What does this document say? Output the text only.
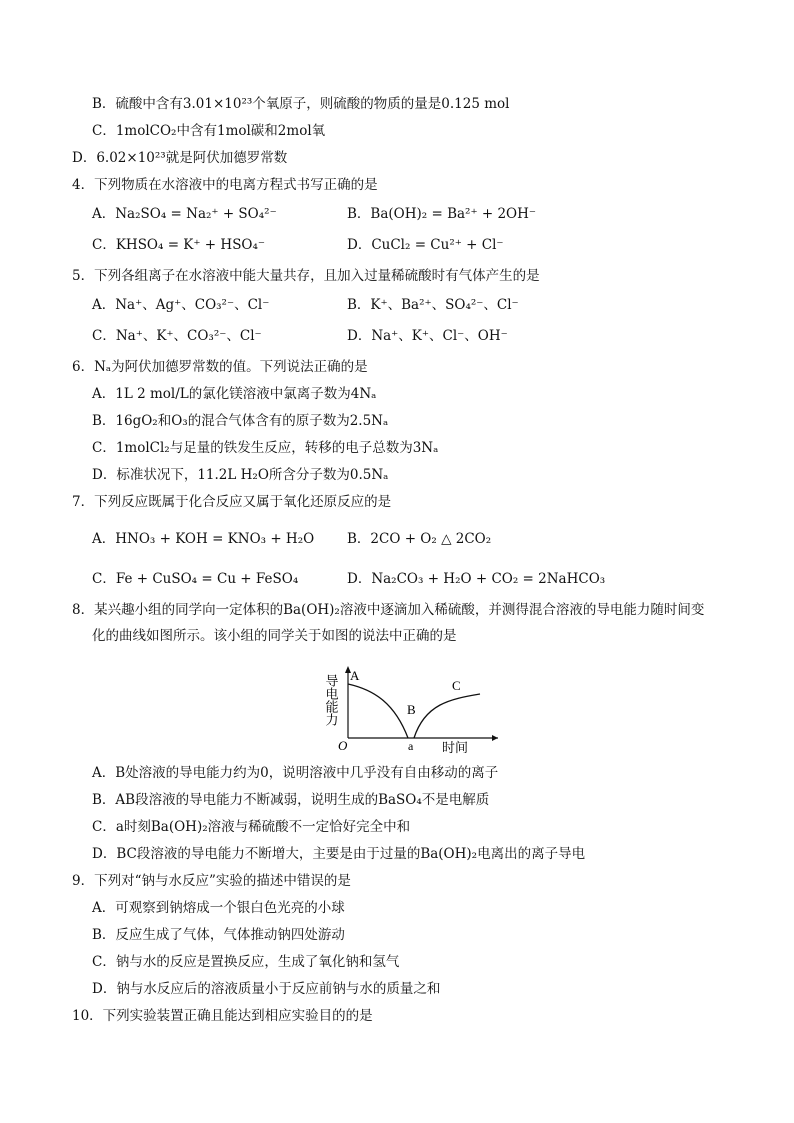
B．硫酸中含有3.01×10²³个氧原子，则硫酸的物质的量是0.125 mol
C．1molCO₂中含有1mol碳和2mol氧
D．6.02×10²³就是阿伏加德罗常数
4．下列物质在水溶液中的电离方程式书写正确的是
5．下列各组离子在水溶液中能大量共存，且加入过量稀硫酸时有气体产生的是
6．Nₐ为阿伏加德罗常数的值。下列说法正确的是
A．1L 2 mol/L的氯化镁溶液中氯离子数为4Nₐ
B．16gO₂和O₃的混合气体含有的原子数为2.5Nₐ
C．1molCl₂与足量的铁发生反应，转移的电子总数为3Nₐ
D．标准状况下，11.2L H₂O所含分子数为0.5Nₐ
7．下列反应既属于化合反应又属于氧化还原反应的是
8．某兴趣小组的同学向一定体积的Ba(OH)₂溶液中逐滴加入稀硫酸，并测得混合溶液的导电能力随时间变
化的曲线如图所示。该小组的同学关于如图的说法中正确的是
A．B处溶液的导电能力约为0，说明溶液中几乎没有自由移动的离子
B．AB段溶液的导电能力不断减弱，说明生成的BaSO₄不是电解质
C．a时刻Ba(OH)₂溶液与稀硫酸不一定恰好完全中和
D．BC段溶液的导电能力不断增大，主要是由于过量的Ba(OH)₂电离出的离子导电
9．下列对“钠与水反应”实验的描述中错误的是
A．可观察到钠熔成一个银白色光亮的小球
B．反应生成了气体，气体推动钠四处游动
C．钠与水的反应是置换反应，生成了氧化钠和氢气
D．钠与水反应后的溶液质量小于反应前钠与水的质量之和
10．下列实验装置正确且能达到相应实验目的的是
A．Na₂SO₄ = Na₂⁺ + SO₄²⁻	B．Ba(OH)₂ = Ba²⁺ + 2OH⁻
C．KHSO₄ = K⁺ + HSO₄⁻	D．CuCl₂ = Cu²⁺ + Cl⁻
A．Na⁺、Ag⁺、CO₃²⁻、Cl⁻	B．K⁺、Ba²⁺、SO₄²⁻、Cl⁻
C．Na⁺、K⁺、CO₃²⁻、Cl⁻	D．Na⁺、K⁺、Cl⁻、OH⁻
A．HNO₃ + KOH = KNO₃ + H₂O B．2CO + O₂ △ 2CO₂
C．Fe + CuSO₄ = Cu + FeSO₄	D．Na₂CO₃ + H₂O + CO₂ = 2NaHCO₃
O
A
B
C
a 时间
导电能力
